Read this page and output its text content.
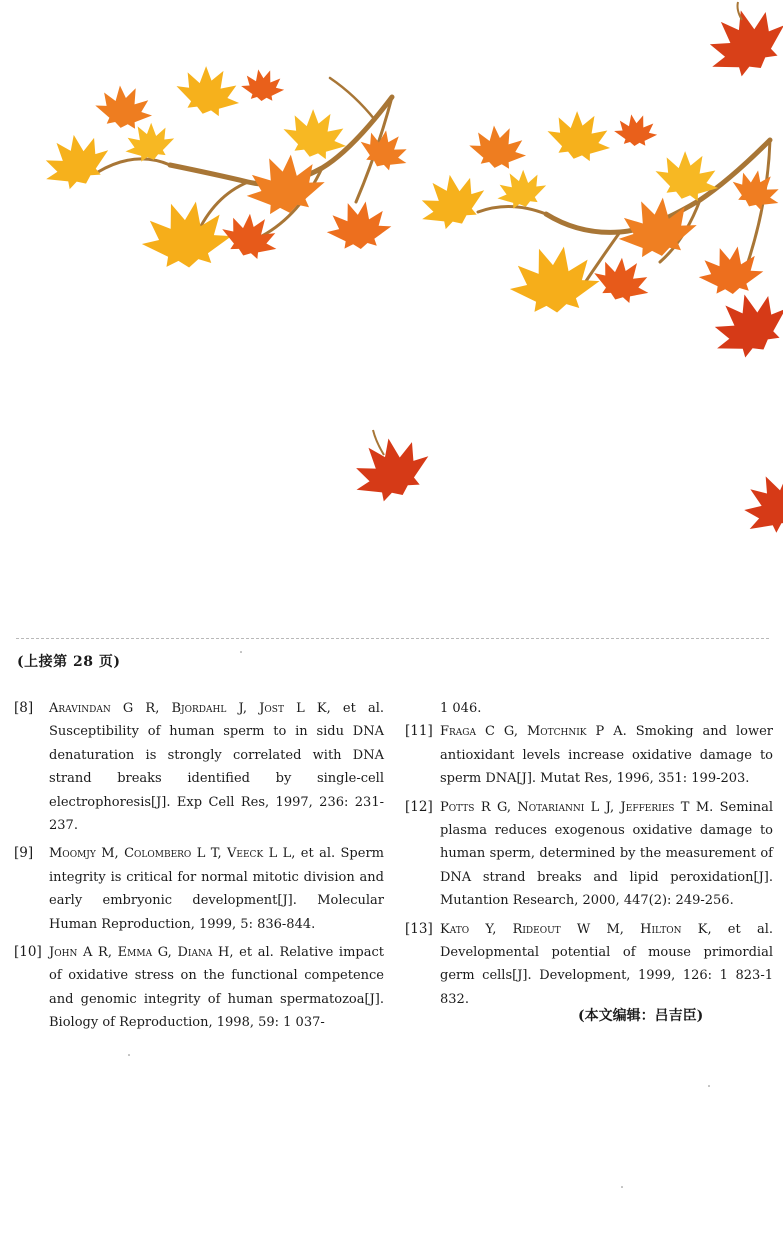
(上接第 28 页)
[8] Aravindan G R, Bjordahl J, Jost L K, et al. Susceptibility of human sperm to in sidu DNA denaturation is strongly correlated with DNA strand breaks identified by single-cell electrophoresis[J]. Exp Cell Res, 1997, 236: 231-237.
[9] Moomjy M, Colombero L T, Veeck L L, et al. Sperm integrity is critical for normal mitotic division and early embryonic development[J]. Molecular Human Reproduction, 1999, 5: 836-844.
[10] John A R, Emma G, Diana H, et al. Relative impact of oxidative stress on the functional competence and genomic integrity of human spermatozoa[J]. Biology of Reproduction, 1998, 59: 1 037-
1 046.
[11] Fraga C G, Motchnik P A. Smoking and lower antioxidant levels increase oxidative damage to sperm DNA[J]. Mutat Res, 1996, 351: 199-203.
[12] Potts R G, Notarianni L J, Jefferies T M. Seminal plasma reduces exogenous oxidative damage to human sperm, determined by the measurement of DNA strand breaks and lipid peroxidation[J]. Mutantion Research, 2000, 447(2): 249-256.
[13] Kato Y, Rideout W M, Hilton K, et al. Developmental potential of mouse primordial germ cells[J]. Development, 1999, 126: 1 823-1 832.
(本文编辑：吕吉臣)
